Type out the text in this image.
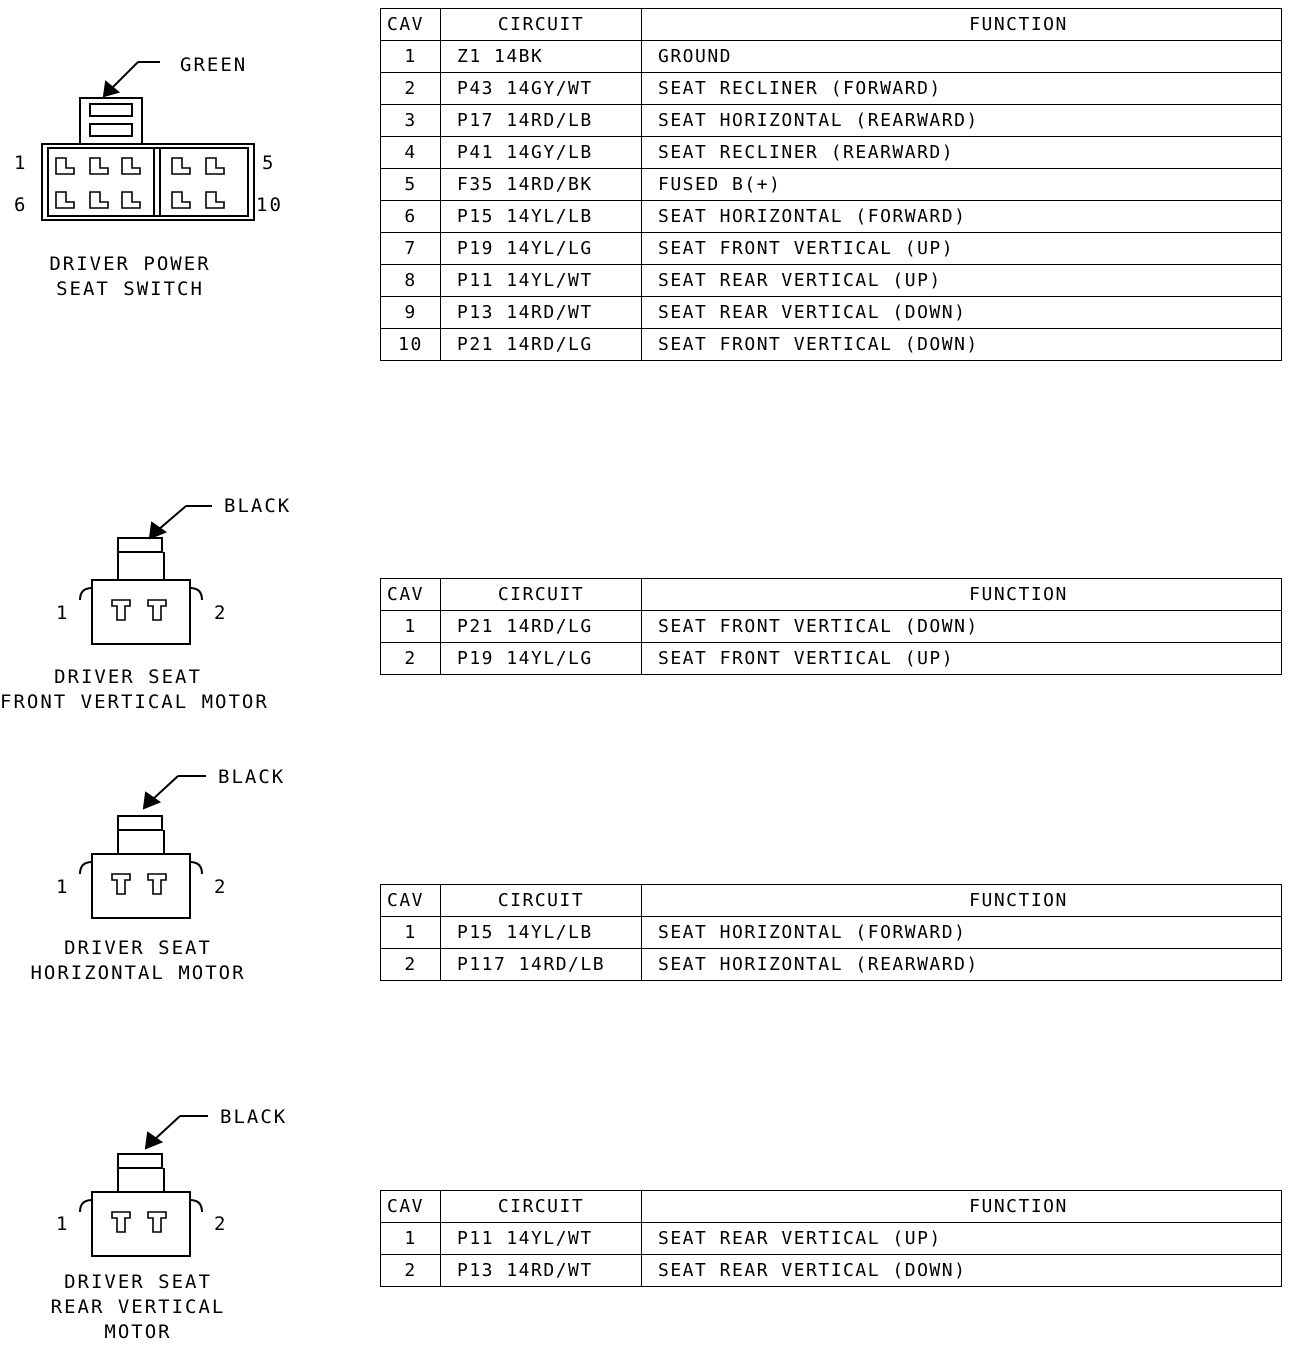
GREEN
1
6
5
10
DRIVER POWER
SEAT SWITCH
CAV	CIRCUIT	FUNCTION
1	Z1 14BK	GROUND
2	P43 14GY/WT	SEAT RECLINER (FORWARD)
3	P17 14RD/LB	SEAT HORIZONTAL (REARWARD)
4	P41 14GY/LB	SEAT RECLINER (REARWARD)
5	F35 14RD/BK	FUSED B(+)
6	P15 14YL/LB	SEAT HORIZONTAL (FORWARD)
7	P19 14YL/LG	SEAT FRONT VERTICAL (UP)
8	P11 14YL/WT	SEAT REAR VERTICAL (UP)
9	P13 14RD/WT	SEAT REAR VERTICAL (DOWN)
10	P21 14RD/LG	SEAT FRONT VERTICAL (DOWN)
BLACK
1	2
DRIVER SEAT
FRONT VERTICAL MOTOR
CAV	CIRCUIT	FUNCTION
1	P21 14RD/LG	SEAT FRONT VERTICAL (DOWN)
2	P19 14YL/LG	SEAT FRONT VERTICAL (UP)
BLACK
1	2
DRIVER SEAT
HORIZONTAL MOTOR
CAV	CIRCUIT	FUNCTION
1	P15 14YL/LB	SEAT HORIZONTAL (FORWARD)
2	P117 14RD/LB	SEAT HORIZONTAL (REARWARD)
BLACK
1	2
DRIVER SEAT
REAR VERTICAL
MOTOR
CAV	CIRCUIT	FUNCTION
1	P11 14YL/WT	SEAT REAR VERTICAL (UP)
2	P13 14RD/WT	SEAT REAR VERTICAL (DOWN)
